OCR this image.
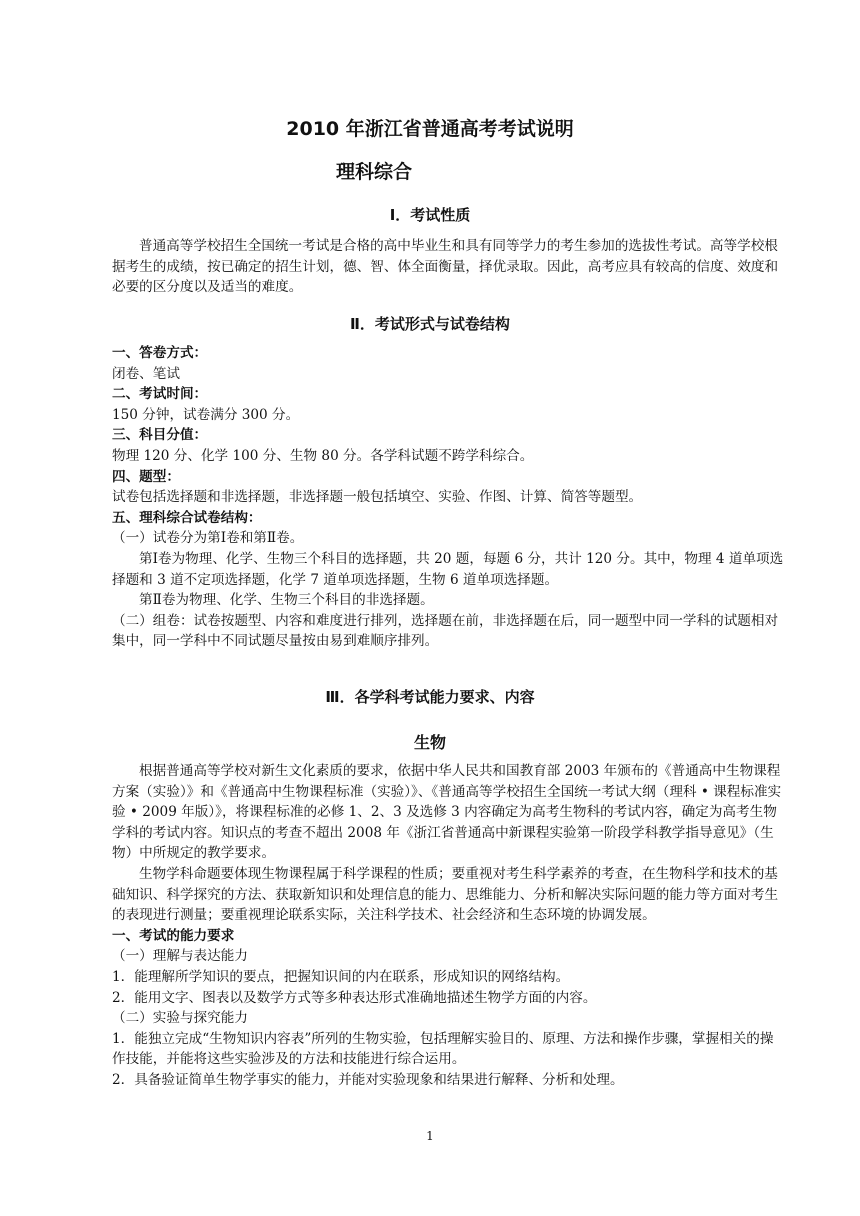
2010 年浙江省普通高考考试说明
理科综合
Ⅰ．考试性质

普通高等学校招生全国统一考试是合格的高中毕业生和具有同等学力的考生参加的选拔性考试。高等学校根据考生的成绩，按已确定的招生计划，德、智、体全面衡量，择优录取。因此，高考应具有较高的信度、效度和必要的区分度以及适当的难度。

Ⅱ．考试形式与试卷结构

一、答卷方式：

闭卷、笔试

二、考试时间：

150 分钟，试卷满分 300 分。

三、科目分值：

物理 120 分、化学 100 分、生物 80 分。各学科试题不跨学科综合。

四、题型：

试卷包括选择题和非选择题，非选择题一般包括填空、实验、作图、计算、简答等题型。

五、理科综合试卷结构：

（一）试卷分为第Ⅰ卷和第Ⅱ卷。

第Ⅰ卷为物理、化学、生物三个科目的选择题，共 20 题，每题 6 分，共计 120 分。其中，物理 4 道单项选择题和 3 道不定项选择题，化学 7 道单项选择题，生物 6 道单项选择题。

第Ⅱ卷为物理、化学、生物三个科目的非选择题。

（二）组卷：试卷按题型、内容和难度进行排列，选择题在前，非选择题在后，同一题型中同一学科的试题相对集中，同一学科中不同试题尽量按由易到难顺序排列。

Ⅲ．各学科考试能力要求、内容
生物

根据普通高等学校对新生文化素质的要求，依据中华人民共和国教育部 2003 年颁布的《普通高中生物课程方案（实验）》和《普通高中生物课程标准（实验）》、《普通高等学校招生全国统一考试大纲（理科 • 课程标准实验 • 2009 年版）》，将课程标准的必修 1、2、3 及选修 3 内容确定为高考生物科的考试内容，确定为高考生物学科的考试内容。知识点的考查不超出 2008 年《浙江省普通高中新课程实验第一阶段学科教学指导意见》（生物）中所规定的教学要求。

生物学科命题要体现生物课程属于科学课程的性质；要重视对考生科学素养的考查，在生物科学和技术的基础知识、科学探究的方法、获取新知识和处理信息的能力、思维能力、分析和解决实际问题的能力等方面对考生的表现进行测量；要重视理论联系实际，关注科学技术、社会经济和生态环境的协调发展。

一、考试的能力要求

（一）理解与表达能力

1．能理解所学知识的要点，把握知识间的内在联系，形成知识的网络结构。

2．能用文字、图表以及数学方式等多种表达形式准确地描述生物学方面的内容。

（二）实验与探究能力

1．能独立完成“生物知识内容表”所列的生物实验，包括理解实验目的、原理、方法和操作步骤，掌握相关的操作技能，并能将这些实验涉及的方法和技能进行综合运用。

2．具备验证简单生物学事实的能力，并能对实验现象和结果进行解释、分析和处理。

1
